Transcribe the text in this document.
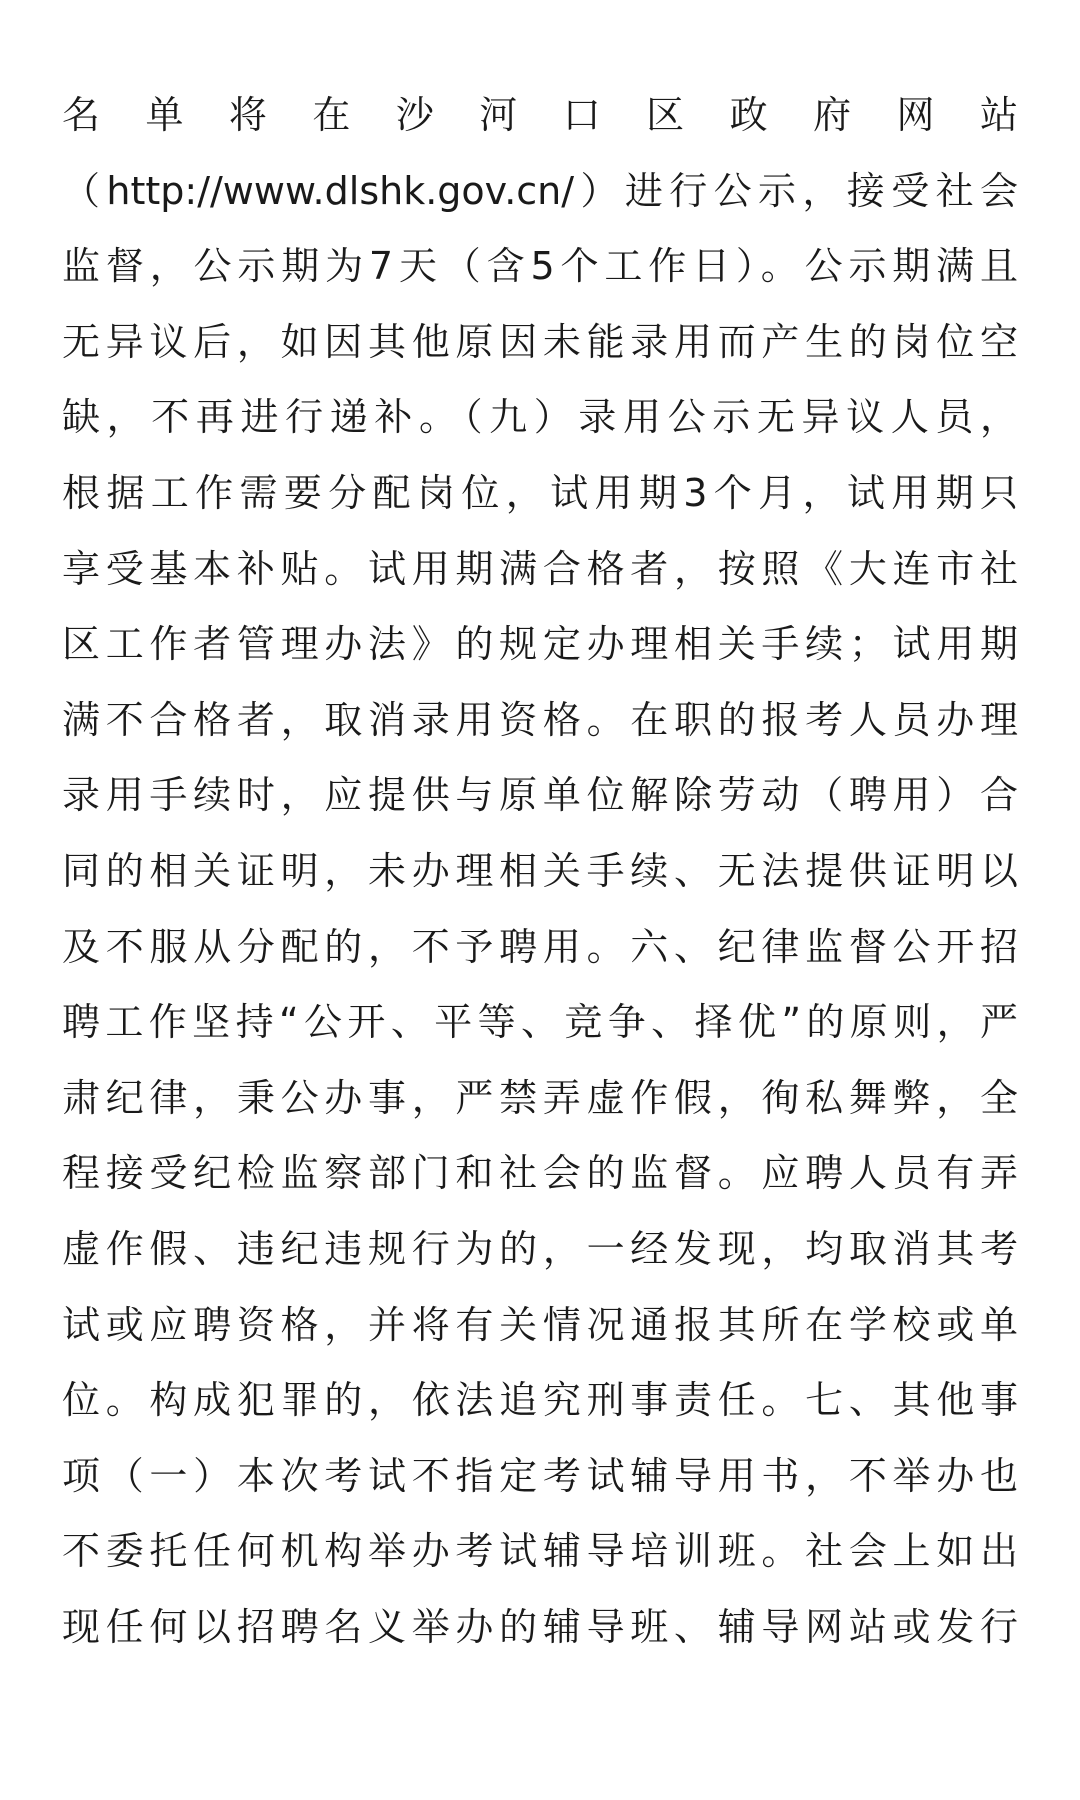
名单将在沙河口区政府网站
（http://www.dlshk.gov.cn/）进行公示，接受社会
监督，公示期为7天（含5个工作日）。公示期满且
无异议后，如因其他原因未能录用而产生的岗位空
缺，不再进行递补。（九）录用公示无异议人员，
根据工作需要分配岗位，试用期3个月，试用期只
享受基本补贴。试用期满合格者，按照《大连市社
区工作者管理办法》的规定办理相关手续；试用期
满不合格者，取消录用资格。在职的报考人员办理
录用手续时，应提供与原单位解除劳动（聘用）合
同的相关证明，未办理相关手续、无法提供证明以
及不服从分配的，不予聘用。六、纪律监督公开招
聘工作坚持“公开、平等、竞争、择优”的原则，严
肃纪律，秉公办事，严禁弄虚作假，徇私舞弊，全
程接受纪检监察部门和社会的监督。应聘人员有弄
虚作假、违纪违规行为的，一经发现，均取消其考
试或应聘资格，并将有关情况通报其所在学校或单
位。构成犯罪的，依法追究刑事责任。七、其他事
项（一）本次考试不指定考试辅导用书，不举办也
不委托任何机构举办考试辅导培训班。社会上如出
现任何以招聘名义举办的辅导班、辅导网站或发行
